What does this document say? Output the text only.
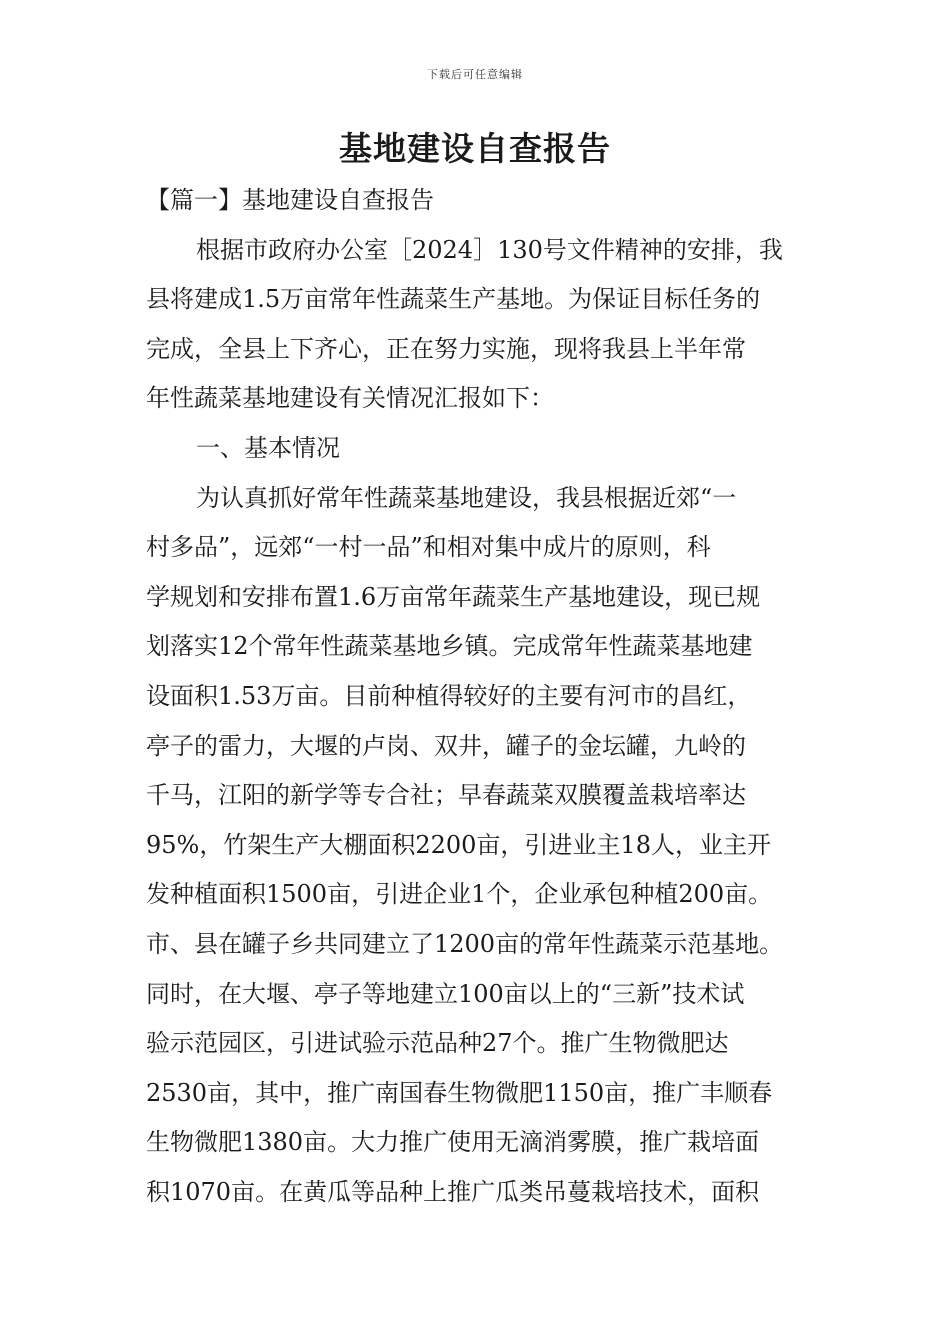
下载后可任意编辑
基地建设自查报告
【篇一】基地建设自查报告
根据市政府办公室［2024］130号文件精神的安排，我
县将建成1.5万亩常年性蔬菜生产基地。为保证目标任务的
完成，全县上下齐心，正在努力实施，现将我县上半年常
年性蔬菜基地建设有关情况汇报如下：
一、基本情况
为认真抓好常年性蔬菜基地建设，我县根据近郊“一
村多品”，远郊“一村一品”和相对集中成片的原则，科
学规划和安排布置1.6万亩常年蔬菜生产基地建设，现已规
划落实12个常年性蔬菜基地乡镇。完成常年性蔬菜基地建
设面积1.53万亩。目前种植得较好的主要有河市的昌红，
亭子的雷力，大堰的卢岗、双井，罐子的金坛罐，九岭的
千马，江阳的新学等专合社；早春蔬菜双膜覆盖栽培率达
95%，竹架生产大棚面积2200亩，引进业主18人，业主开
发种植面积1500亩，引进企业1个，企业承包种植200亩。
市、县在罐子乡共同建立了1200亩的常年性蔬菜示范基地。
同时，在大堰、亭子等地建立100亩以上的“三新”技术试
验示范园区，引进试验示范品种27个。推广生物微肥达
2530亩，其中，推广南国春生物微肥1150亩，推广丰顺春
生物微肥1380亩。大力推广使用无滴消雾膜，推广栽培面
积1070亩。在黄瓜等品种上推广瓜类吊蔓栽培技术，面积
